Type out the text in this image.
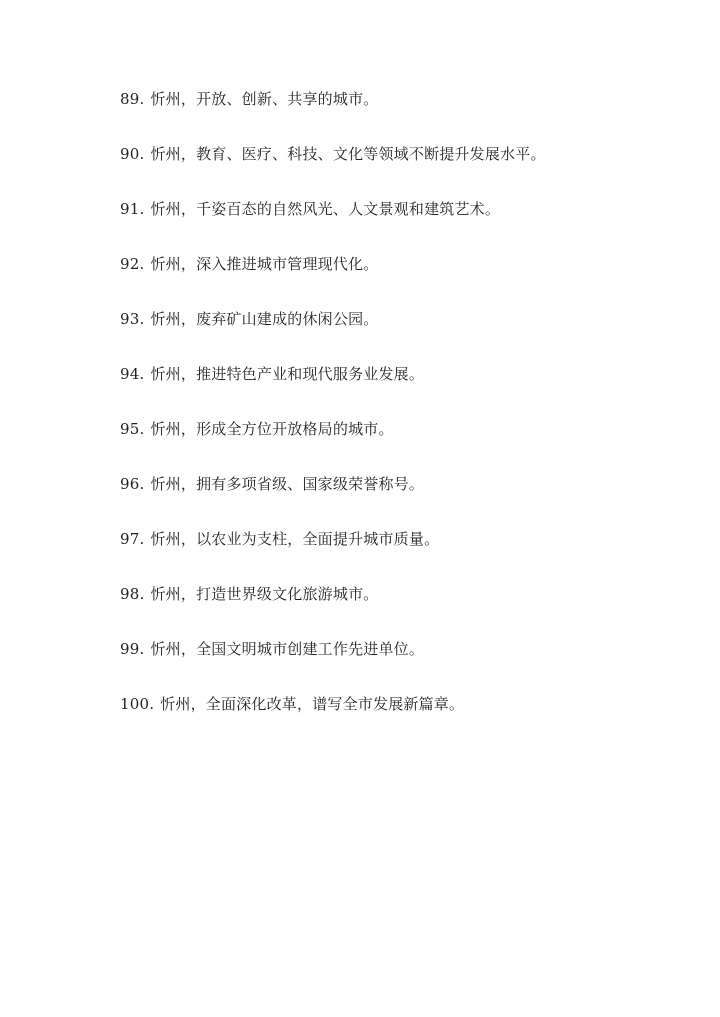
89. 忻州，开放、创新、共享的城市。
90. 忻州，教育、医疗、科技、文化等领域不断提升发展水平。
91. 忻州，千姿百态的自然风光、人文景观和建筑艺术。
92. 忻州，深入推进城市管理现代化。
93. 忻州，废弃矿山建成的休闲公园。
94. 忻州，推进特色产业和现代服务业发展。
95. 忻州，形成全方位开放格局的城市。
96. 忻州，拥有多项省级、国家级荣誉称号。
97. 忻州，以农业为支柱，全面提升城市质量。
98. 忻州，打造世界级文化旅游城市。
99. 忻州，全国文明城市创建工作先进单位。
100. 忻州，全面深化改革，谱写全市发展新篇章。
